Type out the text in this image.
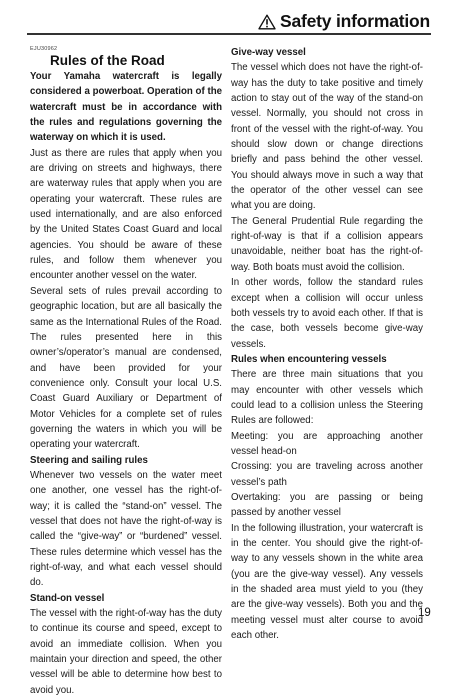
Safety information

EJU30962

Rules of the Road

Your Yamaha watercraft is legally considered a powerboat. Operation of the watercraft must be in accordance with the rules and regulations governing the waterway on which it is used.

Just as there are rules that apply when you are driving on streets and highways, there are waterway rules that apply when you are operating your watercraft. These rules are used internationally, and are also enforced by the United States Coast Guard and local agencies. You should be aware of these rules, and follow them whenever you encounter another vessel on the water.

Several sets of rules prevail according to geographic location, but are all basically the same as the International Rules of the Road. The rules presented here in this owner’s/operator’s manual are condensed, and have been provided for your convenience only. Consult your local U.S. Coast Guard Auxiliary or Department of Motor Vehicles for a complete set of rules governing the waters in which you will be operating your watercraft.

Steering and sailing rules

Whenever two vessels on the water meet one another, one vessel has the right-of-way; it is called the “stand-on” vessel. The vessel that does not have the right-of-way is called the “give-way” or “burdened” vessel. These rules determine which vessel has the right-of-way, and what each vessel should do.

Stand-on vessel

The vessel with the right-of-way has the duty to continue its course and speed, except to avoid an immediate collision. When you maintain your direction and speed, the other vessel will be able to determine how best to avoid you.

Give-way vessel

The vessel which does not have the right-of-way has the duty to take positive and timely action to stay out of the way of the stand-on vessel. Normally, you should not cross in front of the vessel with the right-of-way. You should slow down or change directions briefly and pass behind the other vessel. You should always move in such a way that the operator of the other vessel can see what you are doing.

The General Prudential Rule regarding the right-of-way is that if a collision appears unavoidable, neither boat has the right-of-way. Both boats must avoid the collision.

In other words, follow the standard rules except when a collision will occur unless both vessels try to avoid each other. If that is the case, both vessels become give-way vessels.

Rules when encountering vessels

There are three main situations that you may encounter with other vessels which could lead to a collision unless the Steering Rules are followed:

Meeting: you are approaching another vessel head-on

Crossing: you are traveling across another vessel’s path

Overtaking: you are passing or being passed by another vessel

In the following illustration, your watercraft is in the center. You should give the right-of-way to any vessels shown in the white area (you are the give-way vessel). Any vessels in the shaded area must yield to you (they are the give-way vessels). Both you and the meeting vessel must alter course to avoid each other.

19
